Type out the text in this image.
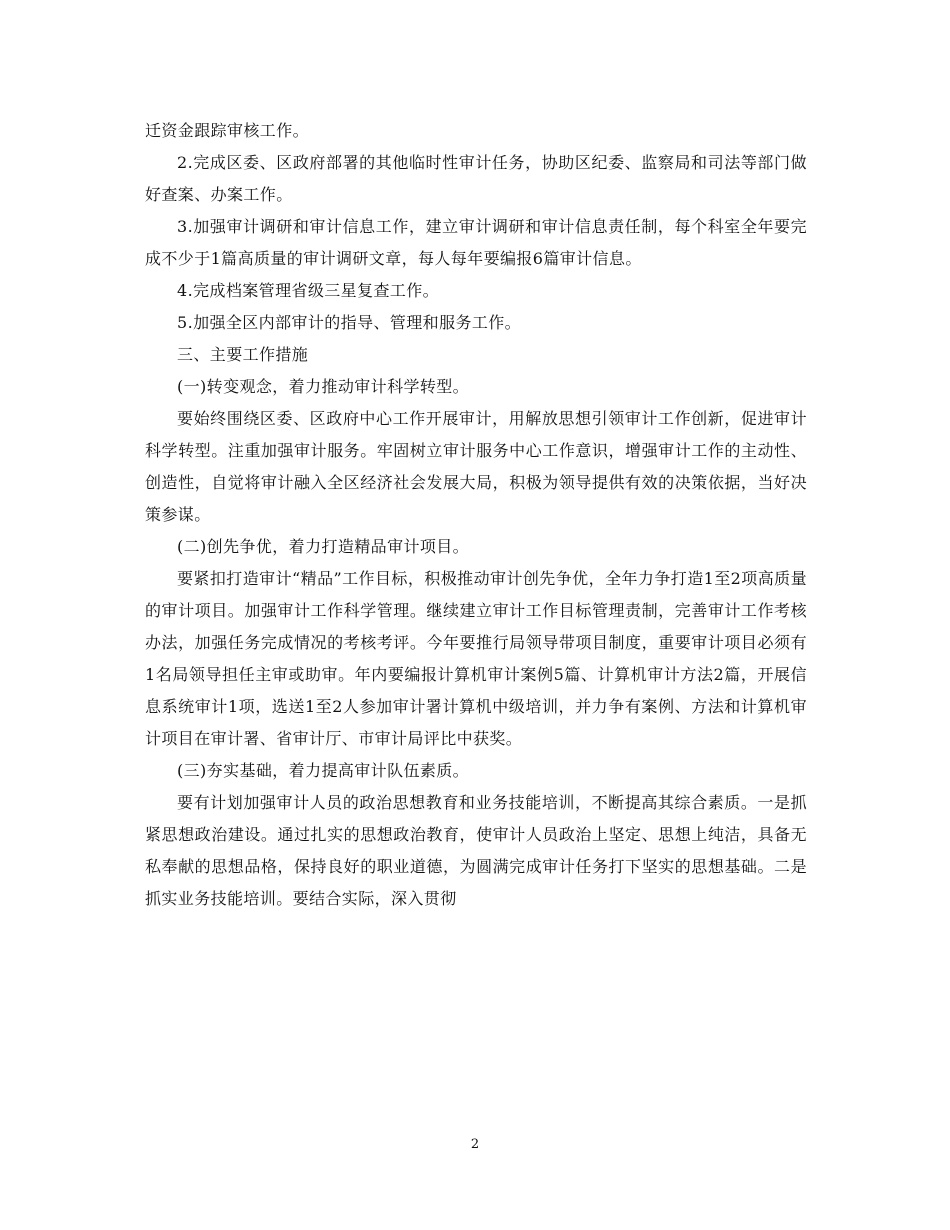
迁资金跟踪审核工作。

2.完成区委、区政府部署的其他临时性审计任务，协助区纪委、监察局和司法等部门做好查案、办案工作。

3.加强审计调研和审计信息工作，建立审计调研和审计信息责任制，每个科室全年要完成不少于1篇高质量的审计调研文章，每人每年要编报6篇审计信息。

4.完成档案管理省级三星复查工作。

5.加强全区内部审计的指导、管理和服务工作。

三、主要工作措施

(一)转变观念，着力推动审计科学转型。

要始终围绕区委、区政府中心工作开展审计，用解放思想引领审计工作创新，促进审计科学转型。注重加强审计服务。牢固树立审计服务中心工作意识，增强审计工作的主动性、创造性，自觉将审计融入全区经济社会发展大局，积极为领导提供有效的决策依据，当好决策参谋。

(二)创先争优，着力打造精品审计项目。

要紧扣打造审计“精品”工作目标，积极推动审计创先争优，全年力争打造1至2项高质量的审计项目。加强审计工作科学管理。继续建立审计工作目标管理责制，完善审计工作考核办法，加强任务完成情况的考核考评。今年要推行局领导带项目制度，重要审计项目必须有1名局领导担任主审或助审。年内要编报计算机审计案例5篇、计算机审计方法2篇，开展信息系统审计1项，选送1至2人参加审计署计算机中级培训，并力争有案例、方法和计算机审计项目在审计署、省审计厅、市审计局评比中获奖。

(三)夯实基础，着力提高审计队伍素质。

要有计划加强审计人员的政治思想教育和业务技能培训，不断提高其综合素质。一是抓紧思想政治建设。通过扎实的思想政治教育，使审计人员政治上坚定、思想上纯洁，具备无私奉献的思想品格，保持良好的职业道德，为圆满完成审计任务打下坚实的思想基础。二是抓实业务技能培训。要结合实际，深入贯彻

2
